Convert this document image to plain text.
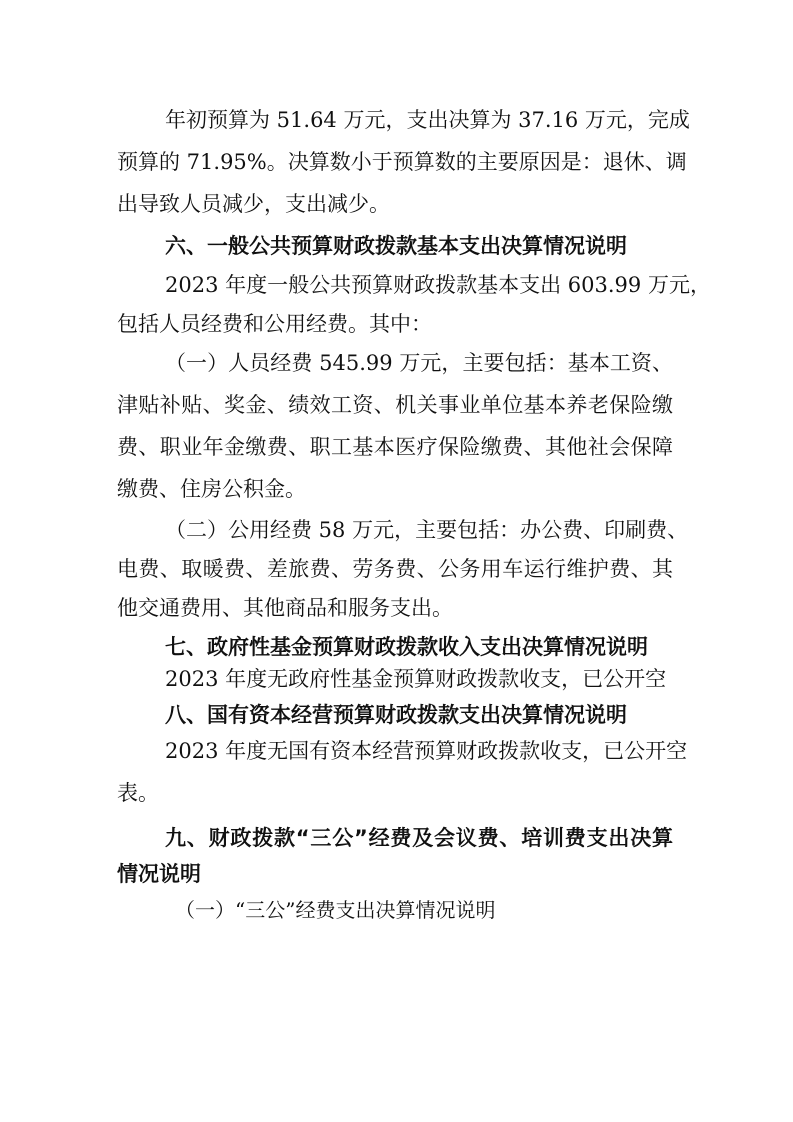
年初预算为 51.64 万元，支出决算为 37.16 万元，完成
预算的 71.95%。决算数小于预算数的主要原因是：退休、调
出导致人员减少，支出减少。
六、一般公共预算财政拨款基本支出决算情况说明
2023 年度一般公共预算财政拨款基本支出 603.99 万元，
包括人员经费和公用经费。其中：
（一）人员经费 545.99 万元，主要包括：基本工资、
津贴补贴、奖金、绩效工资、机关事业单位基本养老保险缴
费、职业年金缴费、职工基本医疗保险缴费、其他社会保障
缴费、住房公积金。
（二）公用经费 58 万元，主要包括：办公费、印刷费、
电费、取暖费、差旅费、劳务费、公务用车运行维护费、其
他交通费用、其他商品和服务支出。
七、政府性基金预算财政拨款收入支出决算情况说明
2023 年度无政府性基金预算财政拨款收支，已公开空
八、国有资本经营预算财政拨款支出决算情况说明
2023 年度无国有资本经营预算财政拨款收支，已公开空
表。
九、财政拨款“三公”经费及会议费、培训费支出决算
情况说明
（一）“三公”经费支出决算情况说明
